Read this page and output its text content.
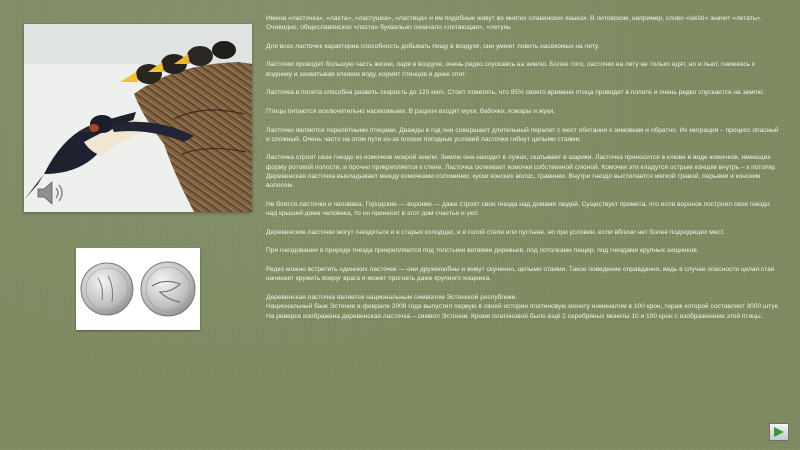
Имена «ласточка», «ласта», «ластушка», «ластица» и им подобные живут во многих славянских языках. В литовском, например, слово «lakštì» значит «летать». Очевидно, общеславянское «ласта» буквально означало «летающая», «летунь

Для всех ласточек характерна способность добывать пищу в воздухе, они умеют ловить насекомых на лету.

Ласточки проводят большую часть жизни, паря в воздухе, очень редко спускаясь на землю. Более того, ласточки на лету не только едят, но и пьют, снижаясь к водоему и захватывая клювом воду, кормят птенцов и даже спят.

Ласточка в полета способна развить скорость до 120 км/ч. Стоит отметить, что 95% своего времени птица проводит в полете и очень редко спускается на землю.

Птицы питаются исключительно насекомыми. В рацион входят мухи, бабочки, комары и жуки.

Ласточки являются перелётными птицами. Дважды в год они совершают длительный перелет с мест обитания к зимовкам и обратно. Их миграция – процесс опасный и сложный. Очень часто на этом пути из-за плохих погодных условий ласточки гибнут целыми стаями.

Ласточка строит свое гнездо из комочков мокрой земли. Землю она находит в лужах, скатывает в шарики. Ласточка приносится в клюве в виде комочков, имеющих форму ротовой полости, и прочно прикрепляется к стене. Ласточка склеивает комочки собственной слюной. Комочки эти кладутся острым концом внутрь – к потолку. Деревенская ласточка выкладывает между комочками соломинки, куски конских волос, травинки. Внутри гнездо выстилается мягкой травой, перьями и конским волосом.

Не боятся ласточки и человека. Городские — воронки — даже строят свои гнезда над домами людей. Существует примета, что если воронок построил свое гнездо над крышей дома человека, то он принесет в этот дом счастье и уют.

Деревенские ласточки могут гнездиться и в старых колодцах, и в голой степи или пустыне, но при условии, если вблизи нет более подходящих мест.

При гнездовании в природе гнезда прикрепляются под толстыми ветвями деревьев, под потолками пещер, под гнездами крупных хищников.

Редко можно встретить одиноких ласточек — они дружелюбны и живут скученно, целыми стаями. Такое поведение оправданно, ведь в случае опасности целая стая начинает кружить вокруг врага и может прогнать даже крупного хищника.

Деревенская ласточка является национальным символом Эстонской республики.
Национальный банк Эстонии в феврале 2008 года выпустил первую в своей истории платиновую монету номиналом в 100 крон, тираж которой составляет 3000 штук. На реверсе изображена деревенская ласточка – символ Эстонии. Кроме платиновой было ещё 2 серебряных монеты 10 и 100 крон с изображением этой птицы.
